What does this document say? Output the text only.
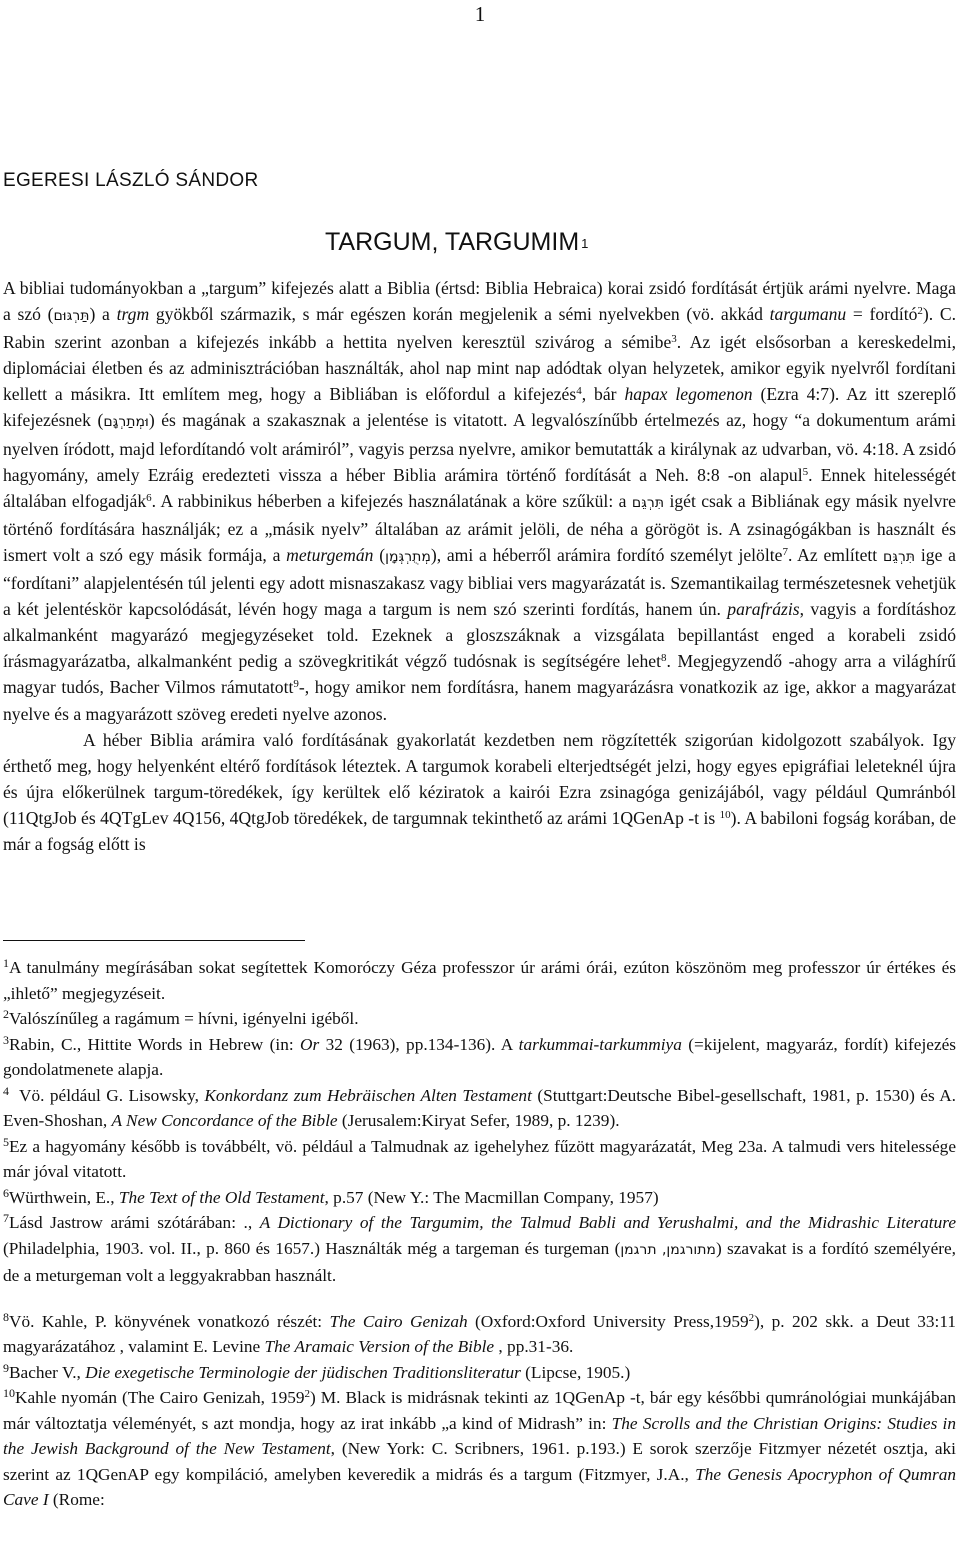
1
EGERESI LÁSZLÓ SÁNDOR
TARGUM, TARGUMIM $^1$

A bibliai tudományokban a „targum” kifejezés alatt a Biblia (értsd: Biblia Hebraica) korai zsidó fordítását értjük arámi nyelvre. Maga a szó (תַּרְגּוּם) a trgm gyökből származik, s már egészen korán megjelenik a sémi nyelvekben (vö. akkád targumanu = fordító$^2$). C. Rabin szerint azonban a kifejezés inkább a hettita nyelven keresztül szivárog a sémibe$^3$. Az igét elsősorban a kereskedelmi, diplomáciai életben és az adminisztrációban használták, ahol nap mint nap adódtak olyan helyzetek, amikor egyik nyelvről fordítani kellett a másikra. Itt említem meg, hogy a Bibliában is előfordul a kifejezés$^4$, bár hapax legomenon (Ezra 4:7). Az itt szereplő kifejezésnek (וּמְתַרְגָּם) és magának a szakasznak a jelentése is vitatott. A legvalószínűbb értelmezés az, hogy “a dokumentum arámi nyelven íródott, majd lefordítandó volt arámiról”, vagyis perzsa nyelvre, amikor bemutatták a királynak az udvarban, vö. 4:18. A zsidó hagyomány, amely Ezráig eredezteti vissza a héber Biblia arámira történő fordítását a Neh. 8:8 -on alapul$^5$. Ennek hitelességét általában elfogadják$^6$. A rabbinikus héberben a kifejezés használatának a köre szűkül: a תִּרְגֵּם igét csak a Bibliának egy másik nyelvre történő fordítására használják; ez a „másik nyelv” általában az arámit jelöli, de néha a görögöt is. A zsinagógákban is használt és ismert volt a szó egy másik formája, a meturgemán (מְתֻרְגְּמָן), ami a héberről arámira fordító személyt jelölte$^7$. Az említett תִּרְגֵּם ige a “fordítani” alapjelentésén túl jelenti egy adott misnaszakasz vagy bibliai vers magyarázatát is. Szemantikailag természetesnek vehetjük a két jelentéskör kapcsolódását, lévén hogy maga a targum is nem szó szerinti fordítás, hanem ún. parafrázis, vagyis a fordításhoz alkalmanként magyarázó megjegyzéseket told. Ezeknek a gloszszáknak a vizsgálata bepillantást enged a korabeli zsidó írásmagyarázatba, alkalmanként pedig a szövegkritikát végző tudósnak is segítségére lehet$^8$. Megjegyzendő -ahogy arra a világhírű magyar tudós, Bacher Vilmos rámutatott$^9$-, hogy amikor nem fordításra, hanem magyarázásra vonatkozik az ige, akkor a magyarázat nyelve és a magyarázott szöveg eredeti nyelve azonos.

A héber Biblia arámira való fordításának gyakorlatát kezdetben nem rögzítették szigorúan kidolgozott szabályok. Igy érthető meg, hogy helyenként eltérő fordítások léteztek. A targumok korabeli elterjedtségét jelzi, hogy egyes epigráfiai leleteknél újra és újra előkerülnek targum-töredékek, így kerültek elő kéziratok a kairói Ezra zsinagóga genizájából, vagy például Qumránból (11QtgJob és 4QTgLev 4Q156, 4QtgJob töredékek, de targumnak tekinthető az arámi 1QGenAp -t is $^{10}$). A babiloni fogság korában, de már a fogság előtt is

$^1$A tanulmány megírásában sokat segítettek Komoróczy Géza professzor úr arámi órái, ezúton köszönöm meg professzor úr értékes és „ihlető” megjegyzéseit.

$^2$Valószínűleg a ragámum = hívni, igényelni igéből.

$^3$Rabin, C., Hittite Words in Hebrew (in: Or 32 (1963), pp.134-136). A tarkummai-tarkummiya (=kijelent, magyaráz, fordít) kifejezés gondolatmenete alapja.

$^4$ Vö. például G. Lisowsky, Konkordanz zum Hebräischen Alten Testament (Stuttgart:Deutsche Bibel-gesellschaft, 1981, p. 1530) és A. Even-Shoshan, A New Concordance of the Bible (Jerusalem:Kiryat Sefer, 1989, p. 1239).

$^5$Ez a hagyomány később is továbbélt, vö. például a Talmudnak az igehelyhez fűzött magyarázatát, Meg 23a. A talmudi vers hitelessége már jóval vitatott.

$^6$Würthwein, E., The Text of the Old Testament, p.57 (New Y.: The Macmillan Company, 1957)

$^7$Lásd Jastrow arámi szótárában: ., A Dictionary of the Targumim, the Talmud Babli and Yerushalmi, and the Midrashic Literature (Philadelphia, 1903. vol. II., p. 860 és 1657.) Használták még a targeman és turgeman (מתורגמן, תרגמן) szavakat is a fordító személyére, de a meturgeman volt a leggyakrabban használt.

$^8$Vö. Kahle, P. könyvének vonatkozó részét: The Cairo Genizah (Oxford:Oxford University Press,1959$^2$), p. 202 skk. a Deut 33:11 magyarázatához , valamint E. Levine The Aramaic Version of the Bible , pp.31-36.

$^9$Bacher V., Die exegetische Terminologie der jüdischen Traditionsliteratur (Lipcse, 1905.)

$^{10}$Kahle nyomán (The Cairo Genizah, 1959$^2$) M. Black is midrásnak tekinti az 1QGenAp -t, bár egy későbbi qumránológiai munkájában már változtatja véleményét, s azt mondja, hogy az irat inkább „a kind of Midrash” in: The Scrolls and the Christian Origins: Studies in the Jewish Background of the New Testament, (New York: C. Scribners, 1961. p.193.) E sorok szerzője Fitzmyer nézetét osztja, aki szerint az 1QGenAP egy kompiláció, amelyben keveredik a midrás és a targum (Fitzmyer, J.A., The Genesis Apocryphon of Qumran Cave I (Rome:
